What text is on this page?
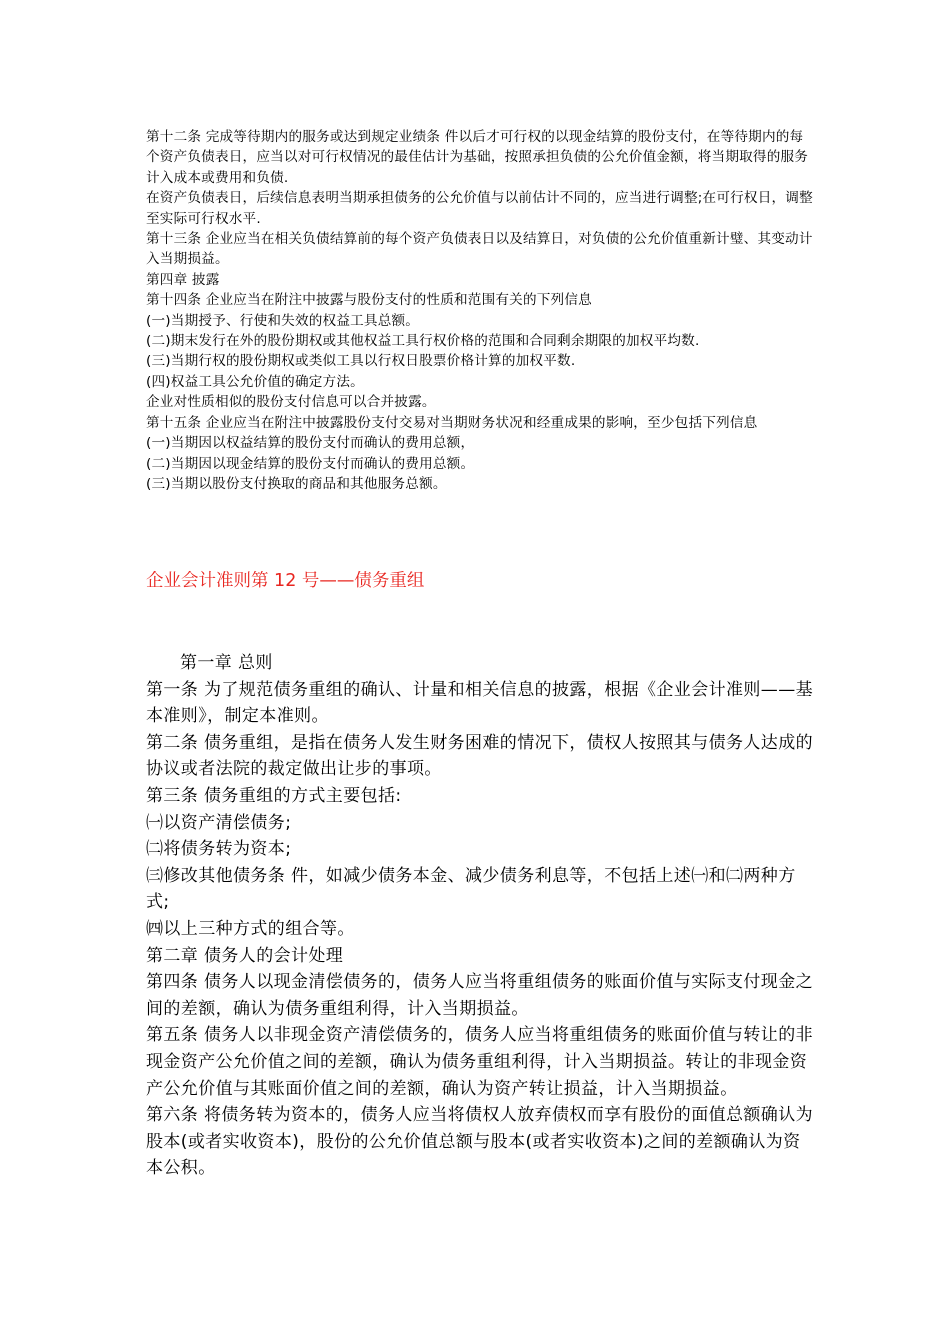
第十二条 完成等待期内的服务或达到规定业绩条 件以后才可行权的以现金结算的股份支付，在等待期内的每个资产负债表日，应当以对可行权情况的最佳估计为基础，按照承担负债的公允价值金额，将当期取得的服务计入成本或费用和负债.

在资产负债表日，后续信息表明当期承担债务的公允价值与以前估计不同的，应当进行调整;在可行权日，调整至实际可行权水平.

第十三条 企业应当在相关负债结算前的每个资产负债表日以及结算日，对负债的公允价值重新计璧、其变动计入当期损益。

第四章 披露

第十四条 企业应当在附注中披露与股份支付的性质和范围有关的下列信息

(一)当期授予、行使和失效的权益工具总额。

(二)期末发行在外的股份期权或其他权益工具行权价格的范围和合同剩余期限的加权平均数.

(三)当期行权的股份期权或类似工具以行权日股票价格计算的加权平数.

(四)权益工具公允价值的确定方法。

企业对性质相似的股份支付信息可以合并披露。

第十五条 企业应当在附注中披露股份支付交易对当期财务状况和经重成果的影响，至少包括下列信息

(一)当期因以权益结算的股份支付而确认的费用总额，

(二)当期因以现金结算的股份支付而确认的费用总额。

(三)当期以股份支付换取的商品和其他服务总额。

企业会计准则第 12 号——债务重组

第一章 总则

第一条 为了规范债务重组的确认、计量和相关信息的披露，根据《企业会计准则——基本准则》，制定本准则。

第二条 债务重组，是指在债务人发生财务困难的情况下，债权人按照其与债务人达成的协议或者法院的裁定做出让步的事项。

第三条 债务重组的方式主要包括:

㈠以资产清偿债务;

㈡将债务转为资本;

㈢修改其他债务条 件，如减少债务本金、减少债务利息等，不包括上述㈠和㈡两种方式;

㈣以上三种方式的组合等。

第二章 债务人的会计处理

第四条 债务人以现金清偿债务的，债务人应当将重组债务的账面价值与实际支付现金之间的差额，确认为债务重组利得，计入当期损益。

第五条 债务人以非现金资产清偿债务的，债务人应当将重组债务的账面价值与转让的非现金资产公允价值之间的差额，确认为债务重组利得，计入当期损益。转让的非现金资产公允价值与其账面价值之间的差额，确认为资产转让损益，计入当期损益。

第六条 将债务转为资本的，债务人应当将债权人放弃债权而享有股份的面值总额确认为股本(或者实收资本)，股份的公允价值总额与股本(或者实收资本)之间的差额确认为资本公积。
